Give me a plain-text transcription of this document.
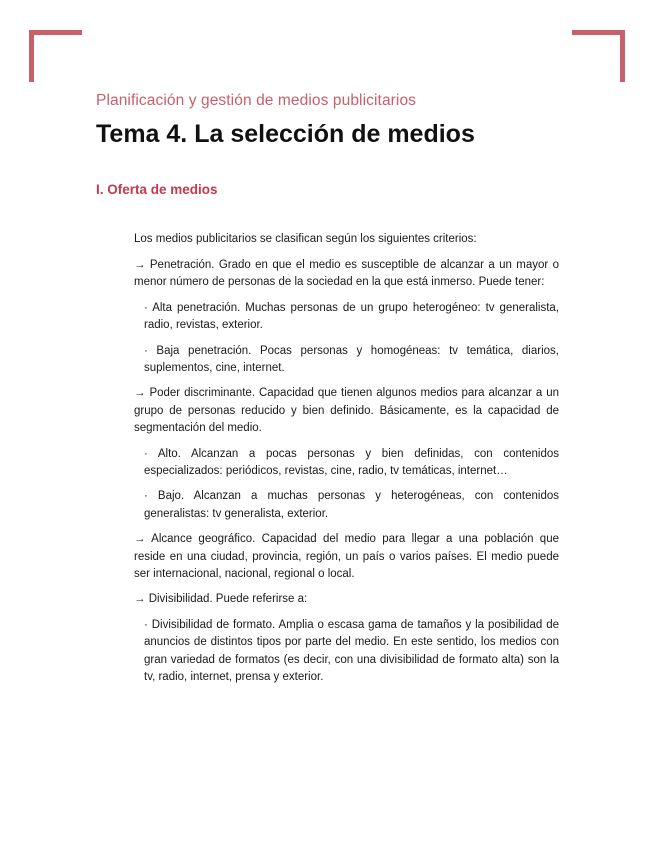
Planificación y gestión de medios publicitarios
Tema 4. La selección de medios
I. Oferta de medios

Los medios publicitarios se clasifican según los siguientes criterios:

→ Penetración. Grado en que el medio es susceptible de alcanzar a un mayor o menor número de personas de la sociedad en la que está inmerso. Puede tener:

· Alta penetración. Muchas personas de un grupo heterogéneo: tv generalista, radio, revistas, exterior.

· Baja penetración. Pocas personas y homogéneas: tv temática, diarios, suplementos, cine, internet.

→ Poder discriminante. Capacidad que tienen algunos medios para alcanzar a un grupo de personas reducido y bien definido. Básicamente, es la capacidad de segmentación del medio.

· Alto. Alcanzan a pocas personas y bien definidas, con contenidos especializados: periódicos, revistas, cine, radio, tv temáticas, internet…

· Bajo. Alcanzan a muchas personas y heterogéneas, con contenidos generalistas: tv generalista, exterior.

→ Alcance geográfico. Capacidad del medio para llegar a una población que reside en una ciudad, provincia, región, un país o varios países. El medio puede ser internacional, nacional, regional o local.

→ Divisibilidad. Puede referirse a:

· Divisibilidad de formato. Amplia o escasa gama de tamaños y la posibilidad de anuncios de distintos tipos por parte del medio. En este sentido, los medios con gran variedad de formatos (es decir, con una divisibilidad de formato alta) son la tv, radio, internet, prensa y exterior.
